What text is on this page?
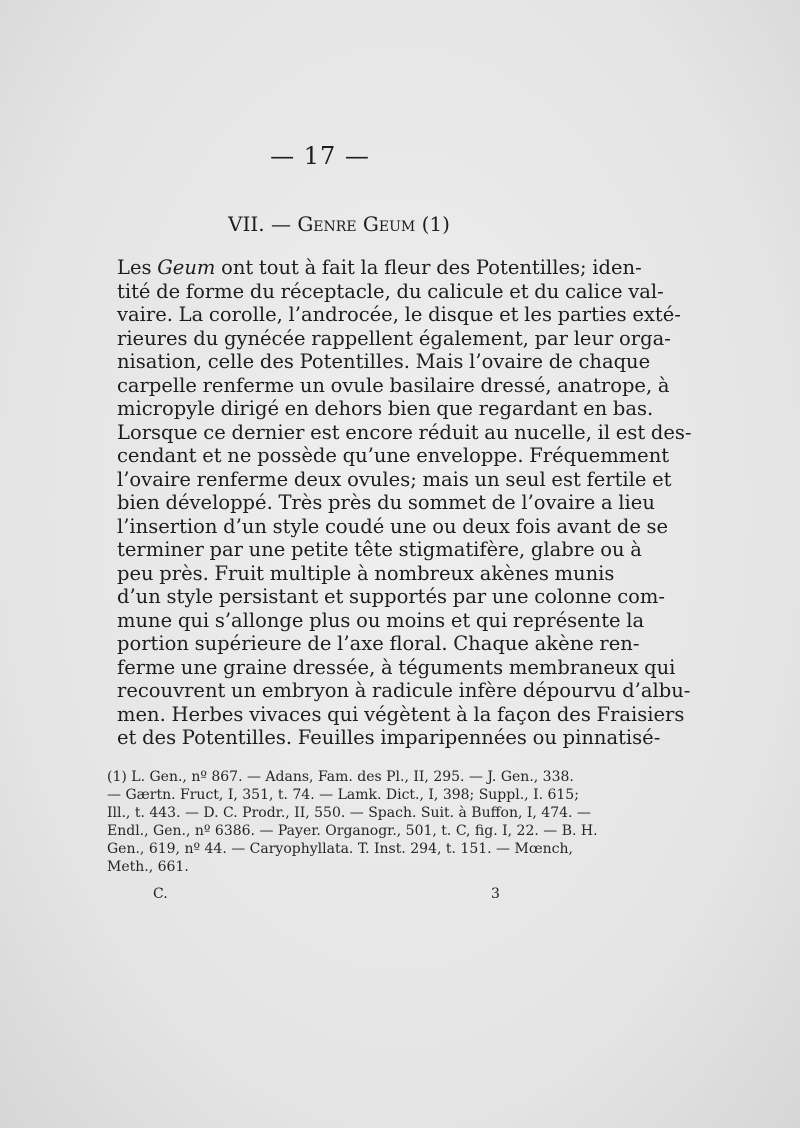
— 17 —
VII. — Genre Geum (1)
Les Geum ont tout à fait la fleur des Potentilles; iden-
tité de forme du réceptacle, du calicule et du calice val-
vaire. La corolle, l’androcée, le disque et les parties exté-
rieures du gynécée rappellent également, par leur orga-
nisation, celle des Potentilles. Mais l’ovaire de chaque
carpelle renferme un ovule basilaire dressé, anatrope, à
micropyle dirigé en dehors bien que regardant en bas.
Lorsque ce dernier est encore réduit au nucelle, il est des-
cendant et ne possède qu’une enveloppe. Fréquemment
l’ovaire renferme deux ovules; mais un seul est fertile et
bien développé. Très près du sommet de l’ovaire a lieu
l’insertion d’un style coudé une ou deux fois avant de se
terminer par une petite tête stigmatifère, glabre ou à
peu près. Fruit multiple à nombreux akènes munis
d’un style persistant et supportés par une colonne com-
mune qui s’allonge plus ou moins et qui représente la
portion supérieure de l’axe floral. Chaque akène ren-
ferme une graine dressée, à téguments membraneux qui
recouvrent un embryon à radicule infère dépourvu d’albu-
men. Herbes vivaces qui végètent à la façon des Fraisiers
et des Potentilles. Feuilles imparipennées ou pinnatisé-
(1) L. Gen., nº 867. — Adans, Fam. des Pl., II, 295. — J. Gen., 338.
— Gærtn. Fruct, I, 351, t. 74. — Lamk. Dict., I, 398; Suppl., I. 615;
Ill., t. 443. — D. C. Prodr., II, 550. — Spach. Suit. à Buffon, I, 474. —
Endl., Gen., nº 6386. — Payer. Organogr., 501, t. C, fig. I, 22. — B. H.
Gen., 619, nº 44. — Caryophyllata. T. Inst. 294, t. 151. — Mœnch,
Meth., 661.
C.	3
